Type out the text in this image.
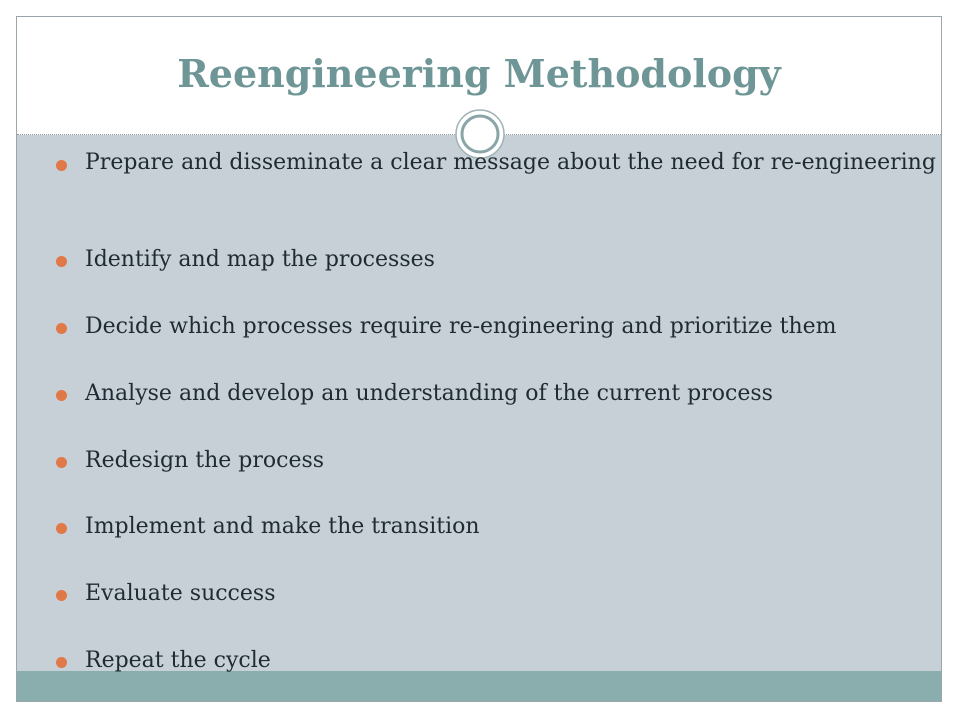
Reengineering Methodology
Prepare and disseminate a clear message about the need for re-engineering
Identify and map the processes
Decide which processes require re-engineering and prioritize them
Analyse and develop an understanding of the current process
Redesign the process
Implement and make the transition
Evaluate success
Repeat the cycle
